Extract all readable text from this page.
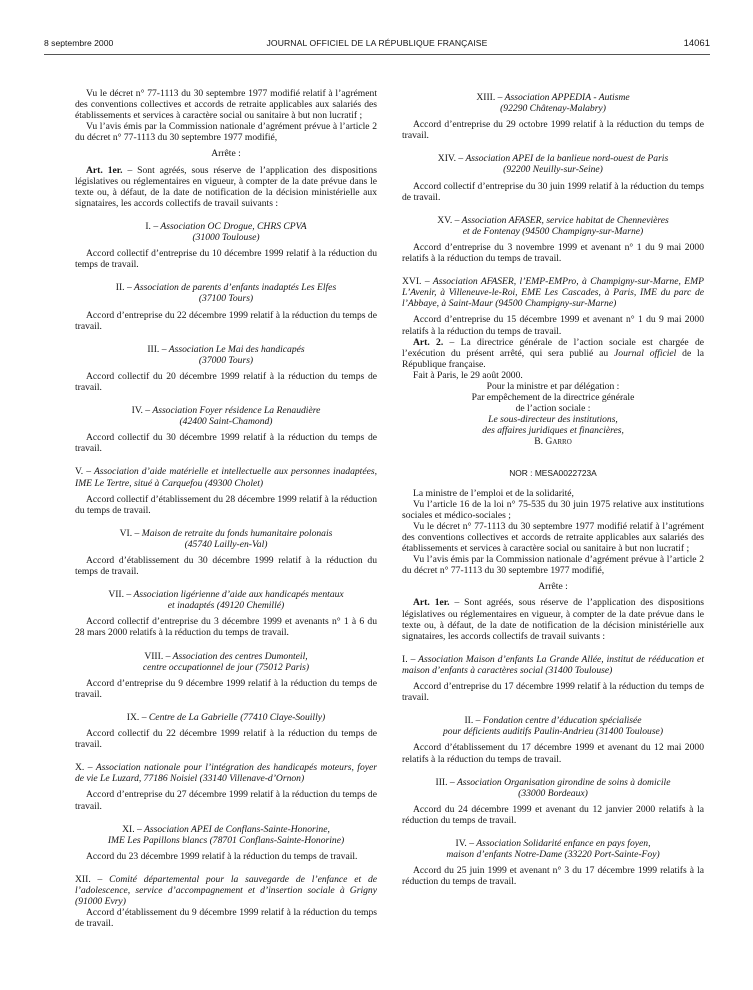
8 septembre 2000	JOURNAL OFFICIEL DE LA RÉPUBLIQUE FRANÇAISE	14061

Vu le décret n° 77-1113 du 30 septembre 1977 modifié relatif à l’agrément des conventions collectives et accords de retraite applicables aux salariés des établissements et services à caractère social ou sanitaire à but non lucratif ;

Vu l’avis émis par la Commission nationale d’agrément prévue à l’article 2 du décret n° 77-1113 du 30 septembre 1977 modifié,

Arrête :

Art. 1er. – Sont agréés, sous réserve de l’application des dispositions législatives ou réglementaires en vigueur, à compter de la date prévue dans le texte ou, à défaut, de la date de notification de la décision ministérielle aux signataires, les accords collectifs de travail suivants :

I. – Association OC Drogue, CHRS CPVA
(31000 Toulouse)

Accord collectif d’entreprise du 10 décembre 1999 relatif à la réduction du temps de travail.

II. – Association de parents d’enfants inadaptés Les Elfes
(37100 Tours)

Accord d’entreprise du 22 décembre 1999 relatif à la réduction du temps de travail.

III. – Association Le Mai des handicapés
(37000 Tours)

Accord collectif du 20 décembre 1999 relatif à la réduction du temps de travail.

IV. – Association Foyer résidence La Renaudière
(42400 Saint-Chamond)

Accord collectif du 30 décembre 1999 relatif à la réduction du temps de travail.

V. – Association d’aide matérielle et intellectuelle aux personnes inadaptées, IME Le Tertre, situé à Carquefou (49300 Cholet)

Accord collectif d’établissement du 28 décembre 1999 relatif à la réduction du temps de travail.

VI. – Maison de retraite du fonds humanitaire polonais
(45740 Lailly-en-Val)

Accord d’établissement du 30 décembre 1999 relatif à la réduction du temps de travail.

VII. – Association ligérienne d’aide aux handicapés mentaux
et inadaptés (49120 Chemillé)

Accord collectif d’entreprise du 3 décembre 1999 et avenants n° 1 à 6 du 28 mars 2000 relatifs à la réduction du temps de travail.

VIII. – Association des centres Dumonteil,
centre occupationnel de jour (75012 Paris)

Accord d’entreprise du 9 décembre 1999 relatif à la réduction du temps de travail.

IX. – Centre de La Gabrielle (77410 Claye-Souilly)

Accord collectif du 22 décembre 1999 relatif à la réduction du temps de travail.

X. – Association nationale pour l’intégration des handicapés moteurs, foyer de vie Le Luzard, 77186 Noisiel (33140 Villenave-d’Ornon)

Accord d’entreprise du 27 décembre 1999 relatif à la réduction du temps de travail.

XI. – Association APEI de Conflans-Sainte-Honorine,
IME Les Papillons blancs (78701 Conflans-Sainte-Honorine)

Accord du 23 décembre 1999 relatif à la réduction du temps de travail.

XII. – Comité départemental pour la sauvegarde de l’enfance et de l’adolescence, service d’accompagnement et d’insertion sociale à Grigny (91000 Evry)

Accord d’établissement du 9 décembre 1999 relatif à la réduction du temps de travail.

XIII. – Association APPEDIA - Autisme
(92290 Châtenay-Malabry)

Accord d’entreprise du 29 octobre 1999 relatif à la réduction du temps de travail.

XIV. – Association APEI de la banlieue nord-ouest de Paris
(92200 Neuilly-sur-Seine)

Accord collectif d’entreprise du 30 juin 1999 relatif à la réduction du temps de travail.

XV. – Association AFASER, service habitat de Chennevières
et de Fontenay (94500 Champigny-sur-Marne)

Accord d’entreprise du 3 novembre 1999 et avenant n° 1 du 9 mai 2000 relatifs à la réduction du temps de travail.

XVI. – Association AFASER, l’EMP-EMPro, à Champigny-sur-Marne, EMP L’Avenir, à Villeneuve-le-Roi, EME Les Cascades, à Paris, IME du parc de l’Abbaye, à Saint-Maur (94500 Champigny-sur-Marne)

Accord d’entreprise du 15 décembre 1999 et avenant n° 1 du 9 mai 2000 relatifs à la réduction du temps de travail.

Art. 2. – La directrice générale de l’action sociale est chargée de l’exécution du présent arrêté, qui sera publié au Journal officiel de la République française.

Fait à Paris, le 29 août 2000.

Pour la ministre et par délégation :

Par empêchement de la directrice générale

de l’action sociale :

Le sous-directeur des institutions,

des affaires juridiques et financières,

B. Garro

NOR : MESA0022723A

La ministre de l’emploi et de la solidarité,

Vu l’article 16 de la loi n° 75-535 du 30 juin 1975 relative aux institutions sociales et médico-sociales ;

Vu le décret n° 77-1113 du 30 septembre 1977 modifié relatif à l’agrément des conventions collectives et accords de retraite applicables aux salariés des établissements et services à caractère social ou sanitaire à but non lucratif ;

Vu l’avis émis par la Commission nationale d’agrément prévue à l’article 2 du décret n° 77-1113 du 30 septembre 1977 modifié,

Arrête :

Art. 1er. – Sont agréés, sous réserve de l’application des dispositions législatives ou réglementaires en vigueur, à compter de la date prévue dans le texte ou, à défaut, de la date de notification de la décision ministérielle aux signataires, les accords collectifs de travail suivants :

I. – Association Maison d’enfants La Grande Allée, institut de rééducation et maison d’enfants à caractères social (31400 Toulouse)

Accord d’entreprise du 17 décembre 1999 relatif à la réduction du temps de travail.

II. – Fondation centre d’éducation spécialisée
pour déficients auditifs Paulin-Andrieu (31400 Toulouse)

Accord d’établissement du 17 décembre 1999 et avenant du 12 mai 2000 relatifs à la réduction du temps de travail.

III. – Association Organisation girondine de soins à domicile
(33000 Bordeaux)

Accord du 24 décembre 1999 et avenant du 12 janvier 2000 relatifs à la réduction du temps de travail.

IV. – Association Solidarité enfance en pays foyen,
maison d’enfants Notre-Dame (33220 Port-Sainte-Foy)

Accord du 25 juin 1999 et avenant n° 3 du 17 décembre 1999 relatifs à la réduction du temps de travail.
